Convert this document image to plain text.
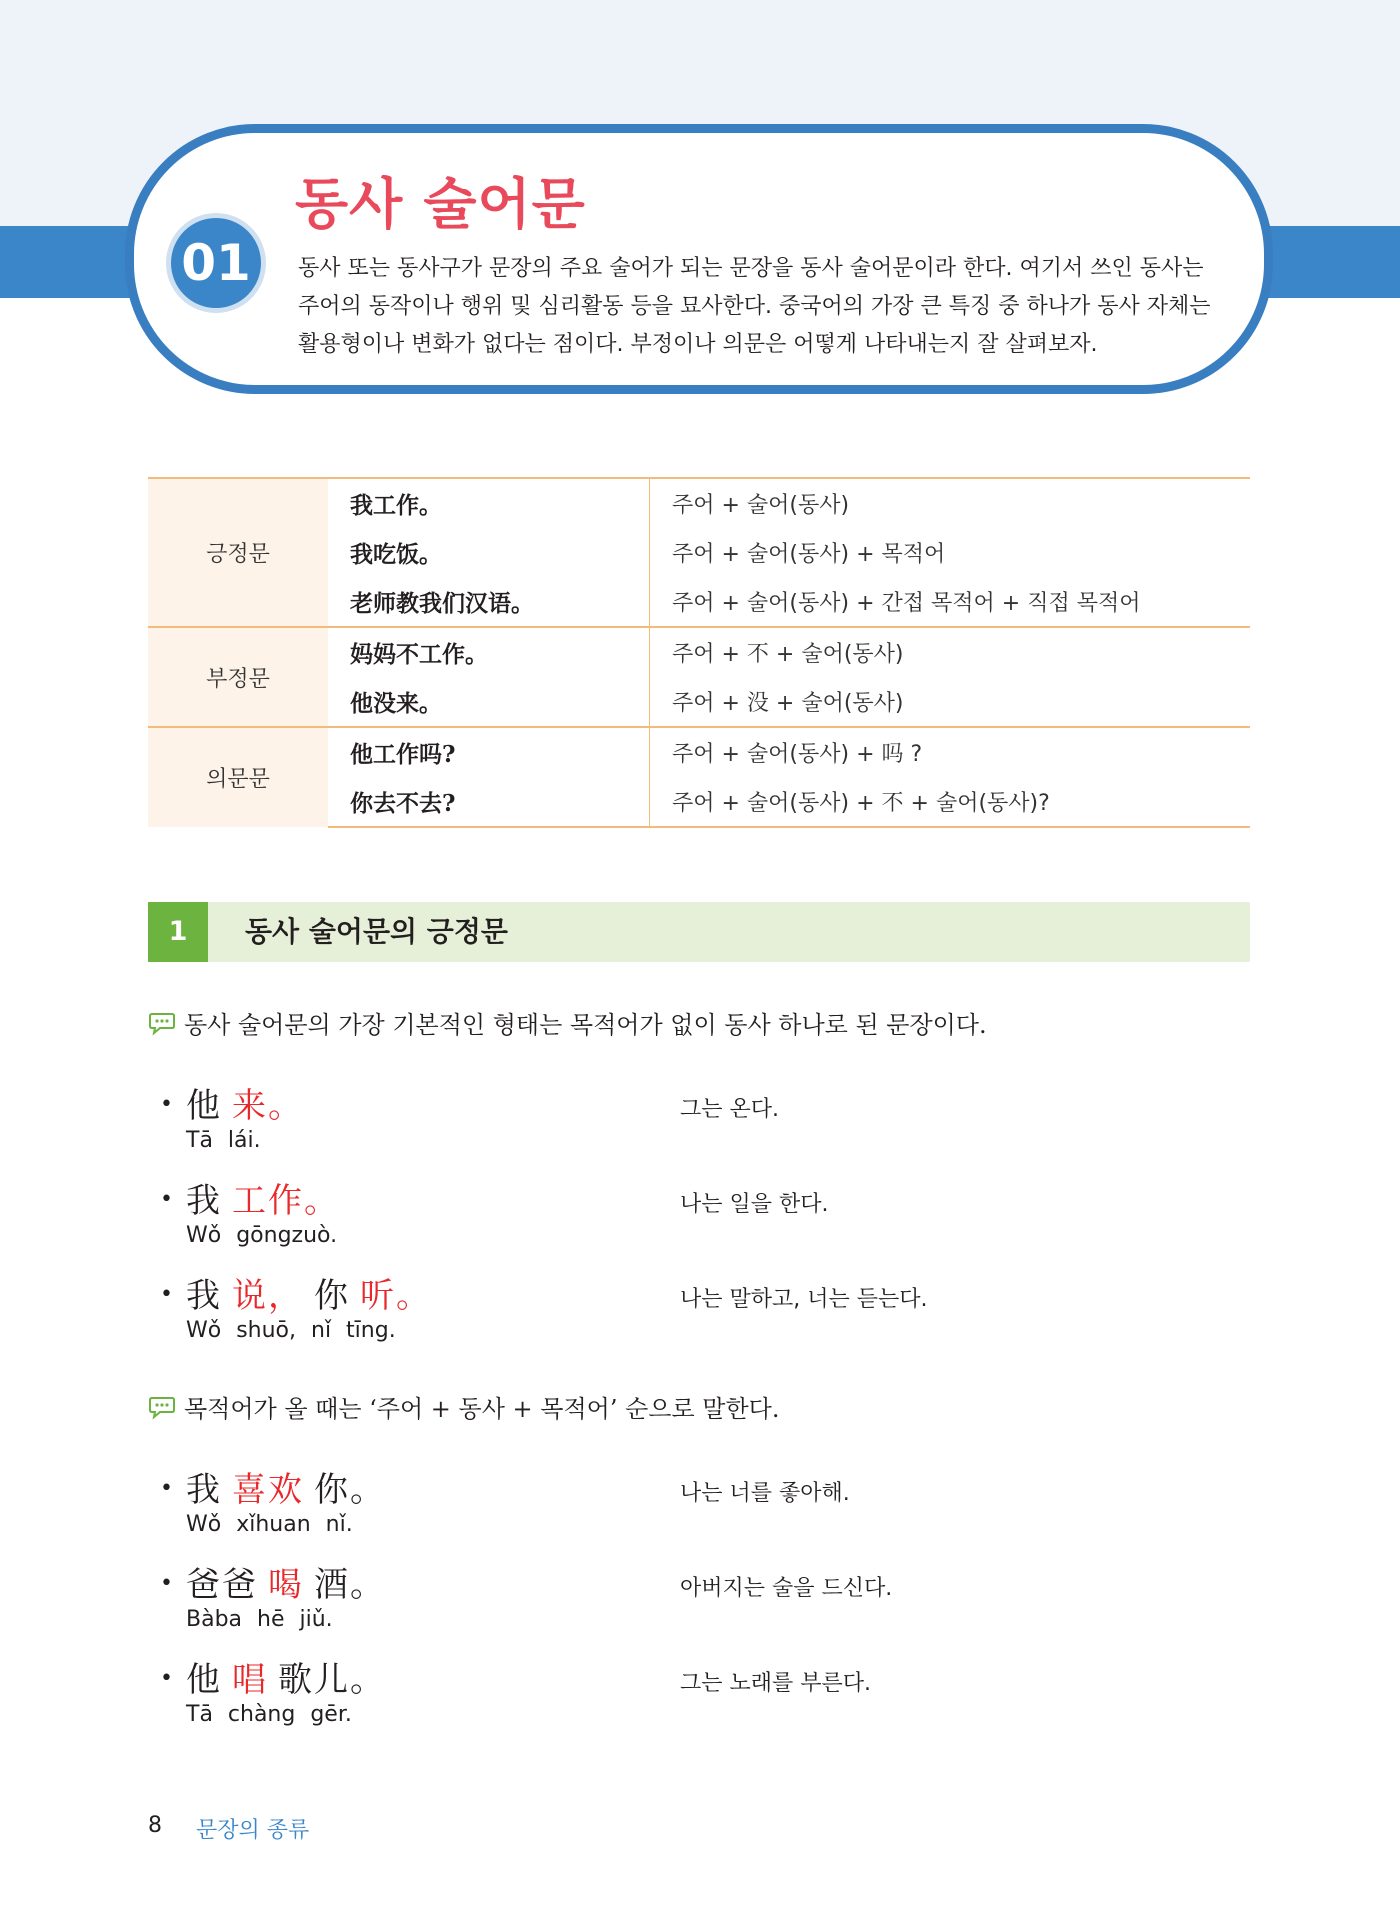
01
동사 술어문

동사 또는 동사구가 문장의 주요 술어가 되는 문장을 동사 술어문이라 한다. 여기서 쓰인 동사는 주어의 동작이나 행위 및 심리활동 등을 묘사한다. 중국어의 가장 큰 특징 중 하나가 동사 자체는 활용형이나 변화가 없다는 점이다. 부정이나 의문은 어떻게 나타내는지 잘 살펴보자.

긍정문	我工作。	주어 + 술어(동사)
	我吃饭。	주어 + 술어(동사) + 목적어
	老师教我们汉语。	주어 + 술어(동사) + 간접 목적어 + 직접 목적어
부정문	妈妈不工作。	주어 + 不 + 술어(동사)
	他没来。	주어 + 没 + 술어(동사)
의문문	他工作吗?	주어 + 술어(동사) + 吗 ?
	你去不去?	주어 + 술어(동사) + 不 + 술어(동사)?
1	동사 술어문의 긍정문
동사 술어문의 가장 기본적인 형태는 목적어가 없이 동사 하나로 된 문장이다.
• 他 来。
Tā lái.
그는 온다.
• 我 工作。
Wǒ gōngzuò.
나는 일을 한다.
• 我 说， 你 听。
Wǒ shuō, nǐ tīng.
나는 말하고, 너는 듣는다.
목적어가 올 때는 ‘주어 + 동사 + 목적어’ 순으로 말한다.
• 我 喜欢 你。
Wǒ xǐhuan nǐ.
나는 너를 좋아해.
• 爸爸 喝 酒。
Bàba hē jiǔ.
아버지는 술을 드신다.
• 他 唱 歌儿。
Tā chàng gēr.
그는 노래를 부른다.
8 문장의 종류
